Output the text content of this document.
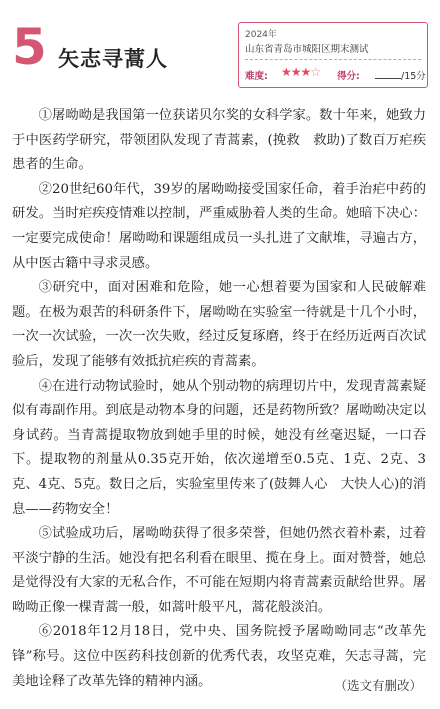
5 矢志寻蒿人
2024年
山东省青岛市城阳区期末测试
难度: ★★★☆ 得分:	/15分

①屠呦呦是我国第一位获诺贝尔奖的女科学家。数十年来，她致力于中医药学研究，带领团队发现了青蒿素，(挽救　救助)了数百万疟疾患者的生命。

②20世纪60年代，39岁的屠呦呦接受国家任命，着手治疟中药的研发。当时疟疾疫情难以控制，严重威胁着人类的生命。她暗下决心：一定要完成使命！屠呦呦和课题组成员一头扎进了文献堆，寻遍古方，从中医古籍中寻求灵感。

③研究中，面对困难和危险，她一心想着要为国家和人民破解难题。在极为艰苦的科研条件下，屠呦呦在实验室一待就是十几个小时，一次一次试验，一次一次失败，经过反复琢磨，终于在经历近两百次试验后，发现了能够有效抵抗疟疾的青蒿素。

④在进行动物试验时，她从个别动物的病理切片中，发现青蒿素疑似有毒副作用。到底是动物本身的问题，还是药物所致？屠呦呦决定以身试药。当青蒿提取物放到她手里的时候，她没有丝毫迟疑，一口吞下。提取物的剂量从0.35克开始，依次递增至0.5克、1克、2克、3克、4克、5克。数日之后，实验室里传来了(鼓舞人心　大快人心)的消息——药物安全！

⑤试验成功后，屠呦呦获得了很多荣誉，但她仍然衣着朴素，过着平淡宁静的生活。她没有把名利看在眼里、揽在身上。面对赞誉，她总是觉得没有大家的无私合作，不可能在短期内将青蒿素贡献给世界。屠呦呦正像一棵青蒿一般，如蒿叶般平凡，蒿花般淡泊。

⑥2018年12月18日，党中央、国务院授予屠呦呦同志“改革先锋”称号。这位中医药科技创新的优秀代表，攻坚克难，矢志寻蒿，完美地诠释了改革先锋的精神内涵。	（选文有删改）
